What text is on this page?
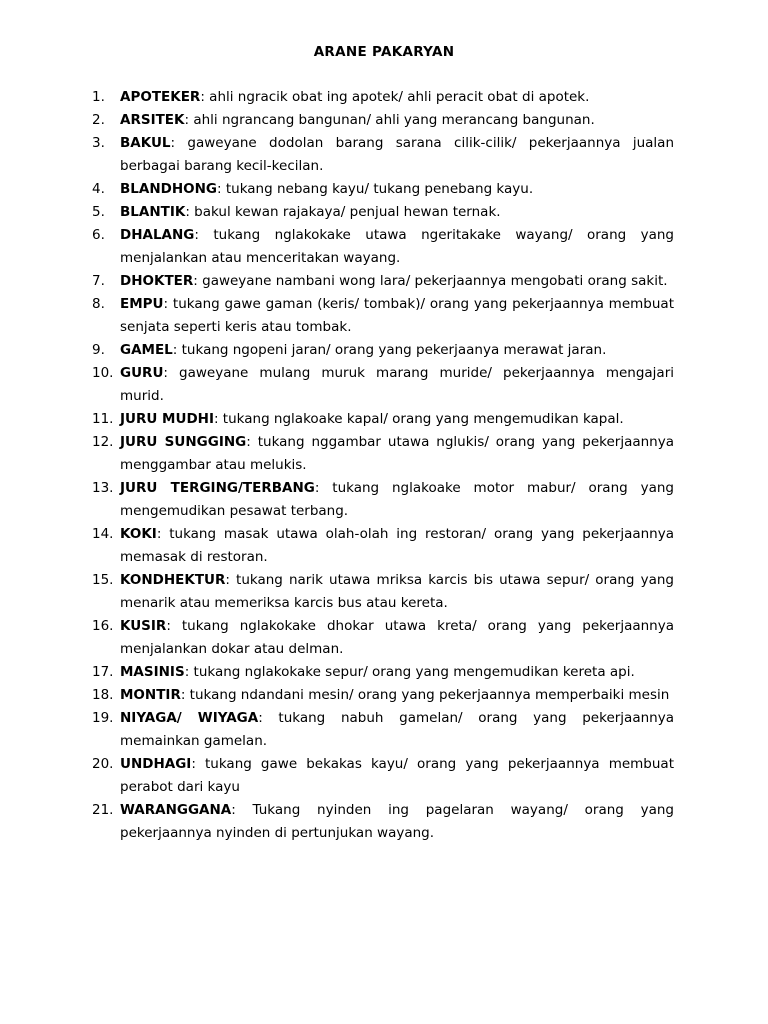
ARANE PAKARYAN
1. APOTEKER: ahli ngracik obat ing apotek/ ahli peracit obat di apotek.
2. ARSITEK: ahli ngrancang bangunan/ ahli yang merancang bangunan.
3. BAKUL: gaweyane dodolan barang sarana cilik-cilik/ pekerjaannya jualan berbagai barang kecil-kecilan.
4. BLANDHONG: tukang nebang kayu/ tukang penebang kayu.
5. BLANTIK: bakul kewan rajakaya/ penjual hewan ternak.
6. DHALANG: tukang nglakokake utawa ngeritakake wayang/ orang yang menjalankan atau menceritakan wayang.
7. DHOKTER: gaweyane nambani wong lara/ pekerjaannya mengobati orang sakit.
8. EMPU: tukang gawe gaman (keris/ tombak)/ orang yang pekerjaannya membuat senjata seperti keris atau tombak.
9. GAMEL: tukang ngopeni jaran/ orang yang pekerjaanya merawat jaran.
10. GURU: gaweyane mulang muruk marang muride/ pekerjaannya mengajari murid.
11. JURU MUDHI: tukang nglakoake kapal/ orang yang mengemudikan kapal.
12. JURU SUNGGING: tukang nggambar utawa nglukis/ orang yang pekerjaannya menggambar atau melukis.
13. JURU TERGING/TERBANG: tukang nglakoake motor mabur/ orang yang mengemudikan pesawat terbang.
14. KOKI: tukang masak utawa olah-olah ing restoran/ orang yang pekerjaannya memasak di restoran.
15. KONDHEKTUR: tukang narik utawa mriksa karcis bis utawa sepur/ orang yang menarik atau memeriksa karcis bus atau kereta.
16. KUSIR: tukang nglakokake dhokar utawa kreta/ orang yang pekerjaannya menjalankan dokar atau delman.
17. MASINIS: tukang nglakokake sepur/ orang yang mengemudikan kereta api.
18. MONTIR: tukang ndandani mesin/ orang yang pekerjaannya memperbaiki mesin
19. NIYAGA/ WIYAGA: tukang nabuh gamelan/ orang yang pekerjaannya memainkan gamelan.
20. UNDHAGI: tukang gawe bekakas kayu/ orang yang pekerjaannya membuat perabot dari kayu
21. WARANGGANA: Tukang nyinden ing pagelaran wayang/ orang yang pekerjaannya nyinden di pertunjukan wayang.
